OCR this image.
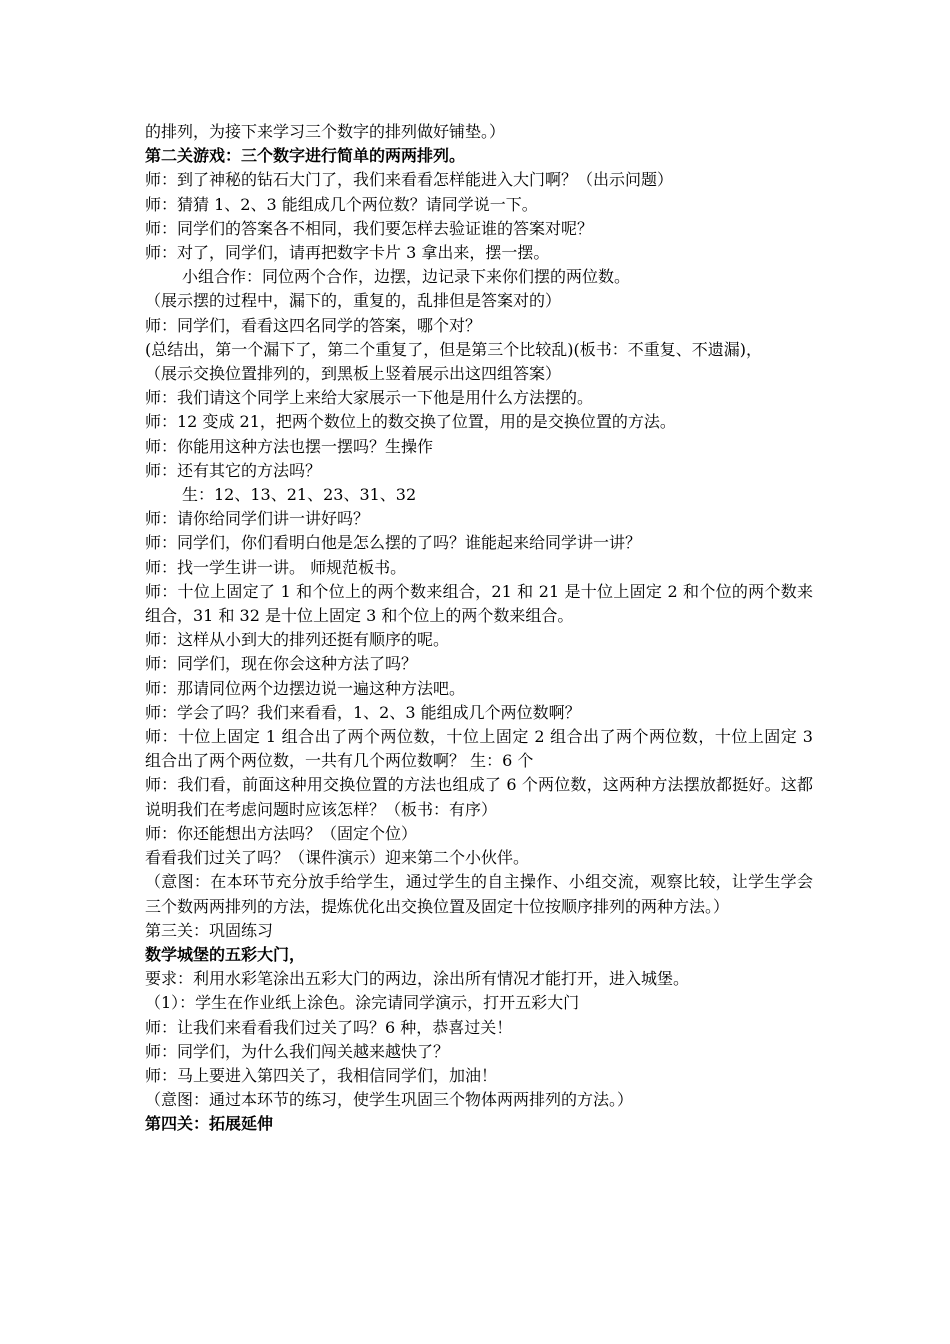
的排列，为接下来学习三个数字的排列做好铺垫。）

第二关游戏：三个数字进行简单的两两排列。

师：到了神秘的钻石大门了，我们来看看怎样能进入大门啊？（出示问题）

师：猜猜 1、2、3 能组成几个两位数？请同学说一下。

师：同学们的答案各不相同，我们要怎样去验证谁的答案对呢？

师：对了，同学们，请再把数字卡片 3 拿出来，摆一摆。

小组合作：同位两个合作，边摆，边记录下来你们摆的两位数。

（展示摆的过程中，漏下的，重复的，乱排但是答案对的）

师：同学们，看看这四名同学的答案，哪个对？

(总结出，第一个漏下了，第二个重复了，但是第三个比较乱)(板书：不重复、不遗漏)，

（展示交换位置排列的，到黑板上竖着展示出这四组答案）

师：我们请这个同学上来给大家展示一下他是用什么方法摆的。

师：12 变成 21，把两个数位上的数交换了位置，用的是交换位置的方法。

师：你能用这种方法也摆一摆吗？生操作

师：还有其它的方法吗？

生：12、13、21、23、31、32

师：请你给同学们讲一讲好吗？

师：同学们，你们看明白他是怎么摆的了吗？谁能起来给同学讲一讲？

师：找一学生讲一讲。 师规范板书。

师：十位上固定了 1 和个位上的两个数来组合，21 和 21 是十位上固定 2 和个位的两个数来组合，31 和 32 是十位上固定 3 和个位上的两个数来组合。

师：这样从小到大的排列还挺有顺序的呢。

师：同学们，现在你会这种方法了吗？

师：那请同位两个边摆边说一遍这种方法吧。

师：学会了吗？我们来看看，1、2、3 能组成几个两位数啊？

师：十位上固定 1 组合出了两个两位数，十位上固定 2 组合出了两个两位数，十位上固定 3 组合出了两个两位数，一共有几个两位数啊？ 生：6 个

师：我们看，前面这种用交换位置的方法也组成了 6 个两位数，这两种方法摆放都挺好。这都说明我们在考虑问题时应该怎样？（板书：有序）

师：你还能想出方法吗？（固定个位）

看看我们过关了吗？（课件演示）迎来第二个小伙伴。

（意图：在本环节充分放手给学生，通过学生的自主操作、小组交流，观察比较，让学生学会三个数两两排列的方法，提炼优化出交换位置及固定十位按顺序排列的两种方法。）

第三关：巩固练习

数学城堡的五彩大门，

要求：利用水彩笔涂出五彩大门的两边，涂出所有情况才能打开，进入城堡。

（1）：学生在作业纸上涂色。涂完请同学演示，打开五彩大门

师：让我们来看看我们过关了吗？6 种，恭喜过关！

师：同学们，为什么我们闯关越来越快了？

师：马上要进入第四关了，我相信同学们，加油！

（意图：通过本环节的练习，使学生巩固三个物体两两排列的方法。）

第四关：拓展延伸
